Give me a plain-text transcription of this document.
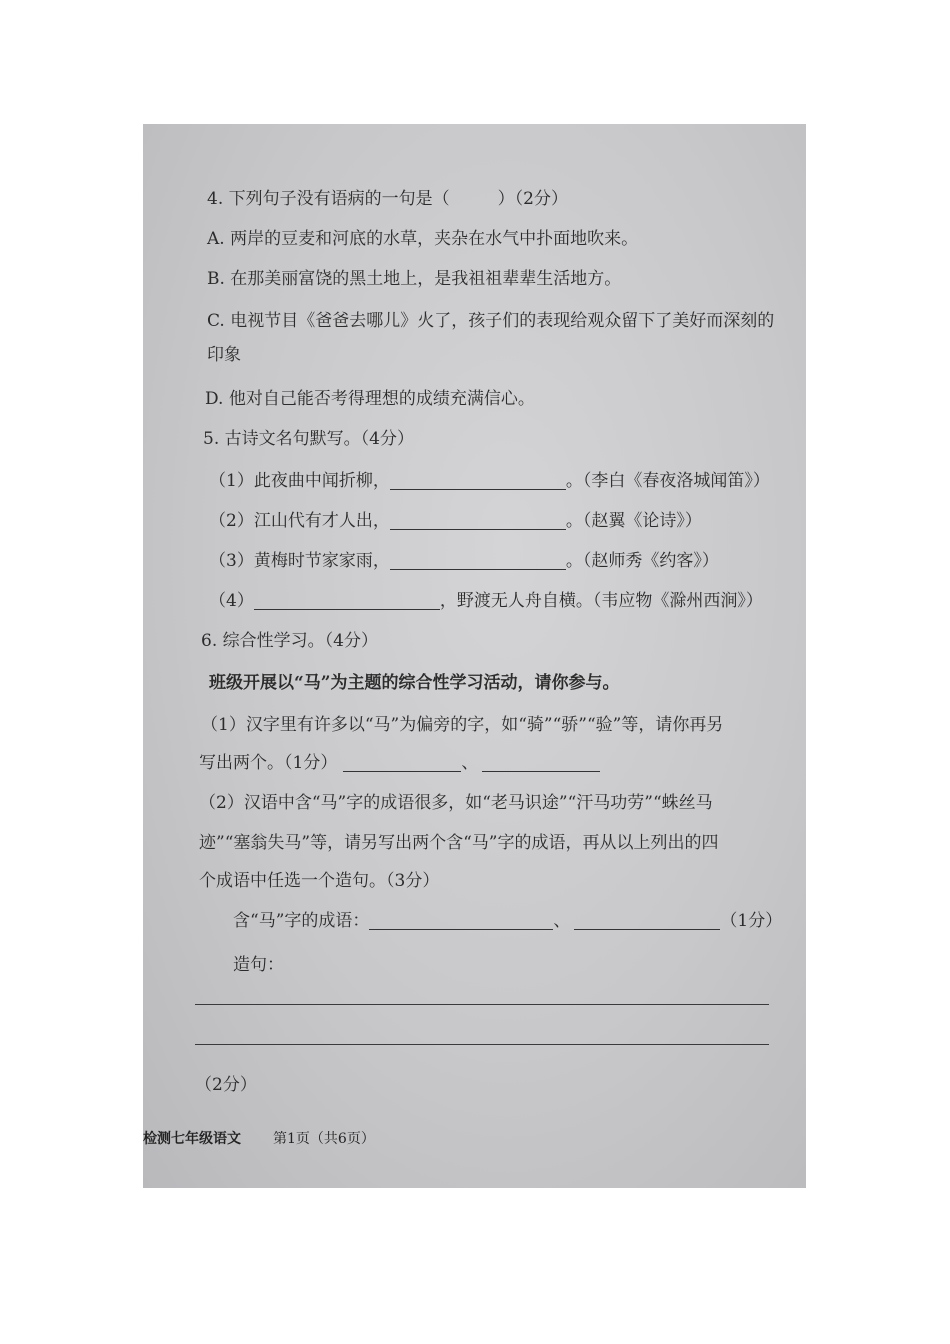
4. 下列句子没有语病的一句是（	）（2分）
A. 两岸的豆麦和河底的水草，夹杂在水气中扑面地吹来。
B. 在那美丽富饶的黑土地上，是我祖祖辈辈生活地方。
C. 电视节目《爸爸去哪儿》火了，孩子们的表现给观众留下了美好而深刻的
印象
D. 他对自己能否考得理想的成绩充满信心。
5. 古诗文名句默写。（4分）
（1）此夜曲中闻折柳，	。（李白《春夜洛城闻笛》）
（2）江山代有才人出，	。（赵翼《论诗》）
（3）黄梅时节家家雨，	。（赵师秀《约客》）
（4）	，野渡无人舟自横。（韦应物《滁州西涧》）
6. 综合性学习。（4分）
班级开展以“马”为主题的综合性学习活动，请你参与。
（1）汉字里有许多以“马”为偏旁的字，如“骑”“骄”“验”等，请你再另
写出两个。（1分）	、
（2）汉语中含“马”字的成语很多，如“老马识途”“汗马功劳”“蛛丝马
迹”“塞翁失马”等，请另写出两个含“马”字的成语，再从以上列出的四
个成语中任选一个造句。（3分）
含“马”字的成语：	、	（1分）
造句：
（2分）
检测七年级语文 第1页（共6页）
